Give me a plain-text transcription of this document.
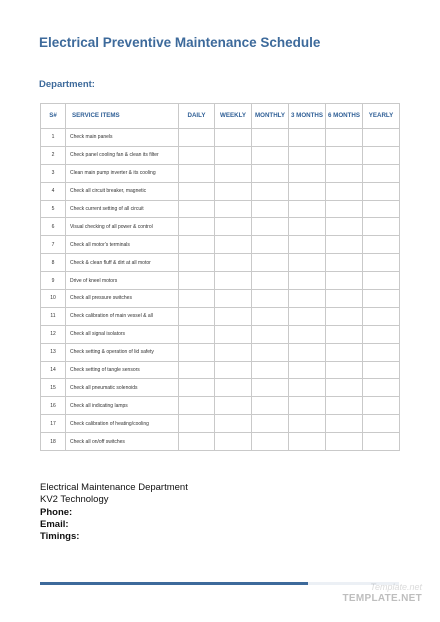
Electrical Preventive Maintenance Schedule
Department:
S#	SERVICE ITEMS	DAILY	WEEKLY	MONTHLY	3 MONTHS	6 MONTHS	YEARLY
1	Check main panels						
2	Check panel cooling fan & clean its filter						
3	Clean main pump inverter & its cooling						
4	Check all circuit breaker, magnetic						
5	Check current setting of all circuit						
6	Visual checking of all power & control						
7	Check all motor's terminals						
8	Check & clean fluff & dirt at all motor						
9	Drive of kneel motors						
10	Check all pressure switches						
11	Check calibration of main vessel & all						
12	Check all signal isolators						
13	Check setting & operation of lid safety						
14	Check setting of tangle sensors						
15	Check all pneumatic solenoids						
16	Check all indicating lamps						
17	Check calibration of heating/cooling						
18	Check all on/off switches						
Electrical Maintenance Department
KV2 Technology
Phone:
Email:
Timings:
Template.net
TEMPLATE.NET
